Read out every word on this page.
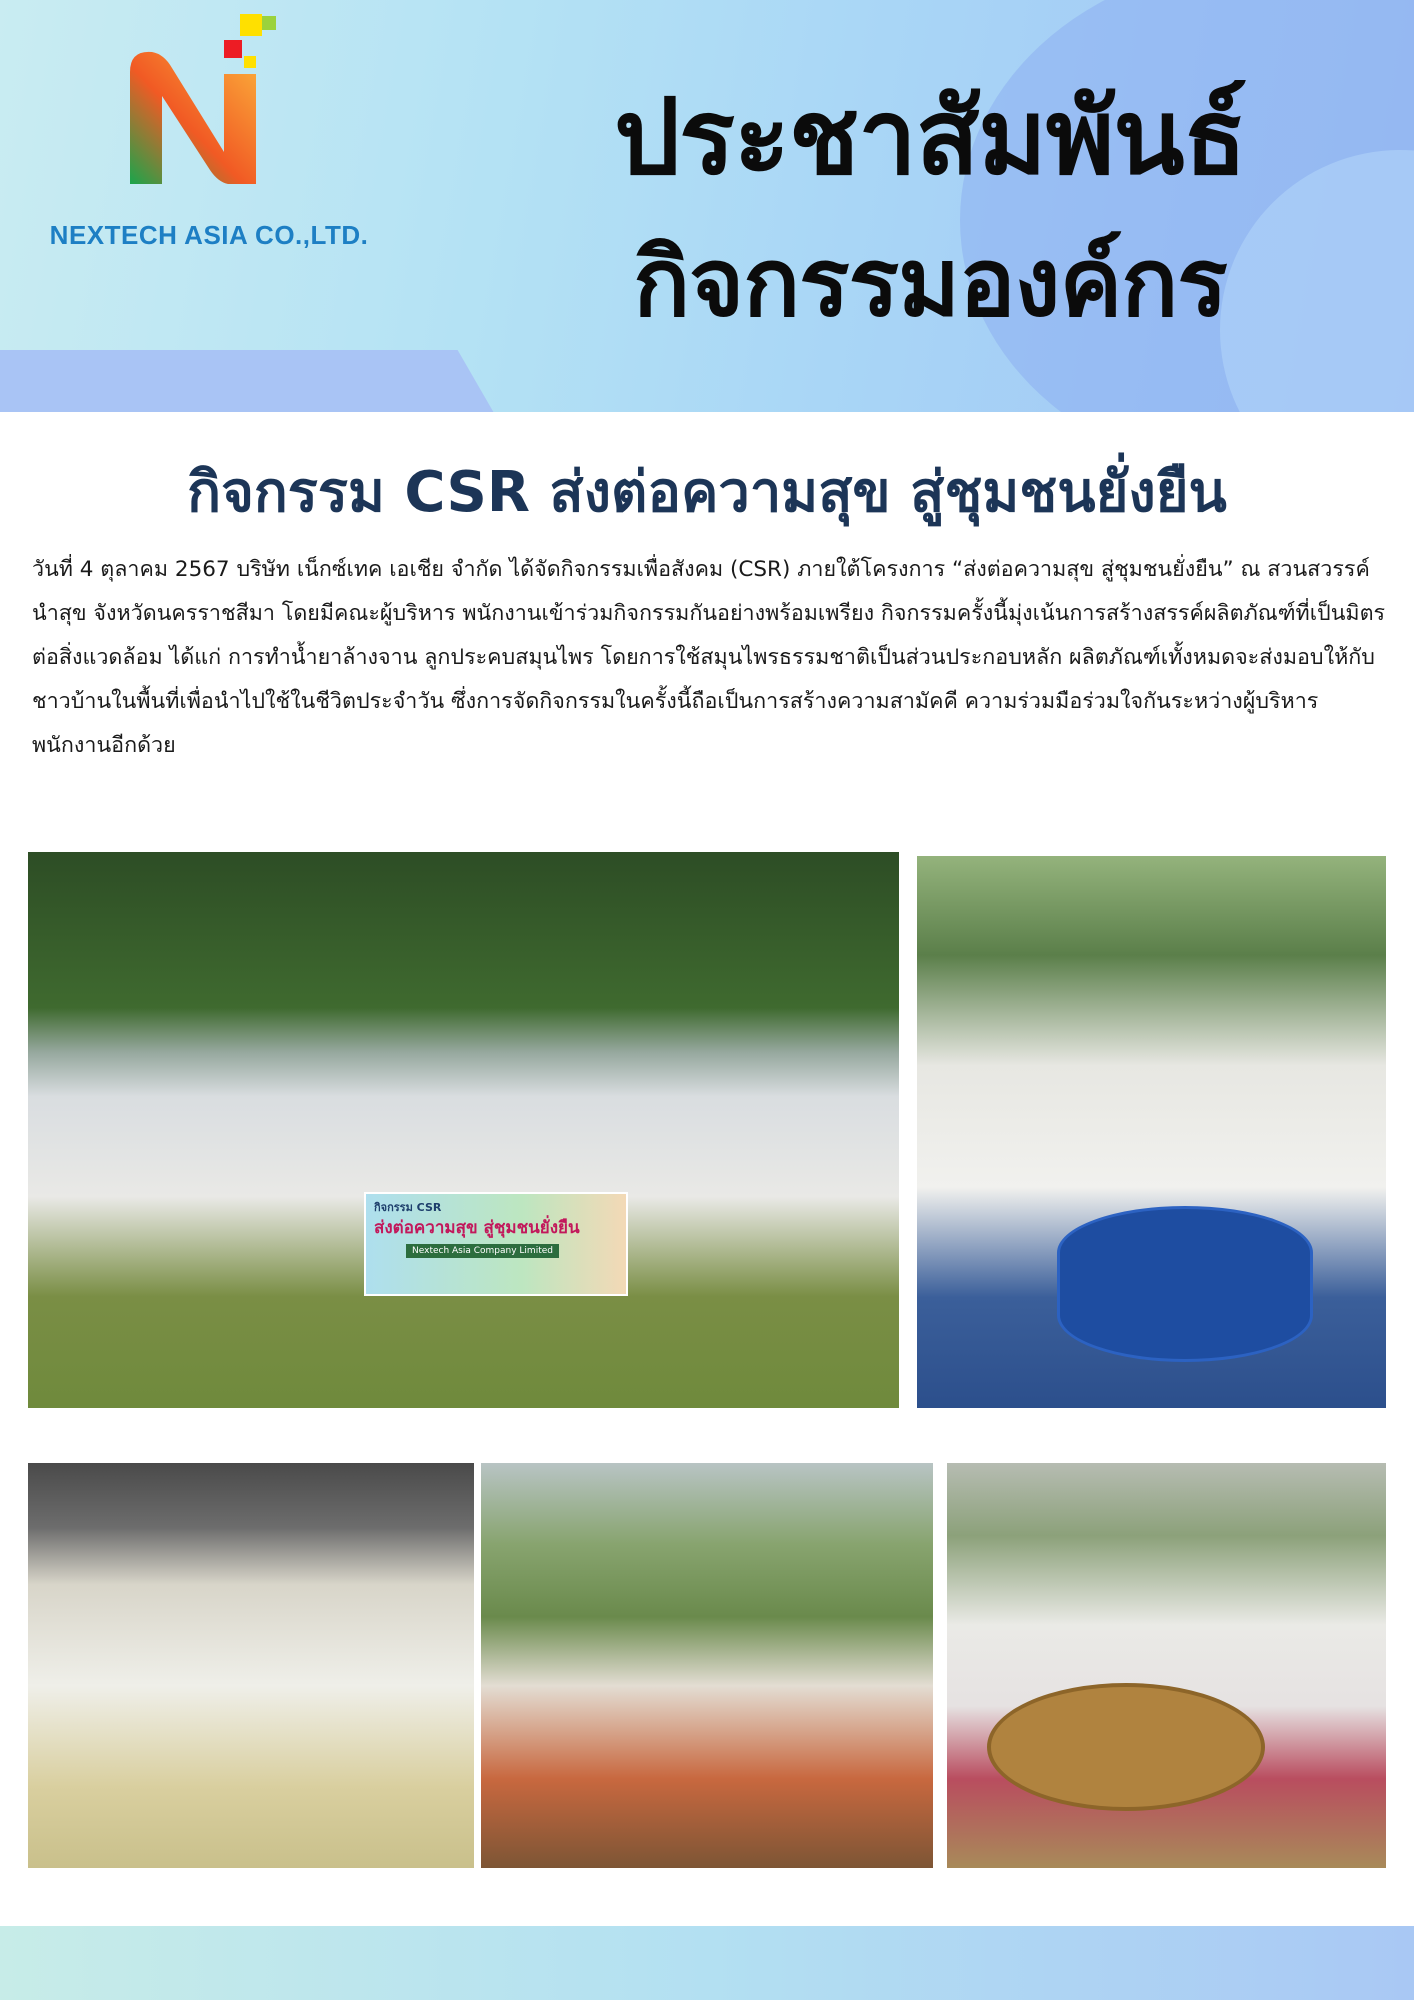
NEXTECH ASIA CO.,LTD.
ประชาสัมพันธ์
กิจกรรมองค์กร
กิจกรรม CSR ส่งต่อความสุข สู่ชุมชนยั่งยืน

วันที่ 4 ตุลาคม 2567 บริษัท เน็กซ์เทค เอเชีย จำกัด ได้จัดกิจกรรมเพื่อสังคม (CSR) ภายใต้โครงการ “ส่งต่อความสุข สู่ชุมชนยั่งยืน” ณ สวนสวรรค์นำสุข จังหวัดนครราชสีมา โดยมีคณะผู้บริหาร พนักงานเข้าร่วมกิจกรรมกันอย่างพร้อมเพรียง กิจกรรมครั้งนี้มุ่งเน้นการสร้างสรรค์ผลิตภัณฑ์ที่เป็นมิตรต่อสิ่งแวดล้อม ได้แก่ การทำน้ำยาล้างจาน ลูกประคบสมุนไพร โดยการใช้สมุนไพรธรรมชาติเป็นส่วนประกอบหลัก ผลิตภัณฑ์เทั้งหมดจะส่งมอบให้กับชาวบ้านในพื้นที่เพื่อนำไปใช้ในชีวิตประจำวัน ซึ่งการจัดกิจกรรมในครั้งนี้ถือเป็นการสร้างความสามัคคี ความร่วมมือร่วมใจกันระหว่างผู้บริหาร พนักงานอีกด้วย

กิจกรรม CSR
ส่งต่อความสุข สู่ชุมชนยั่งยืน
Nextech Asia Company Limited
